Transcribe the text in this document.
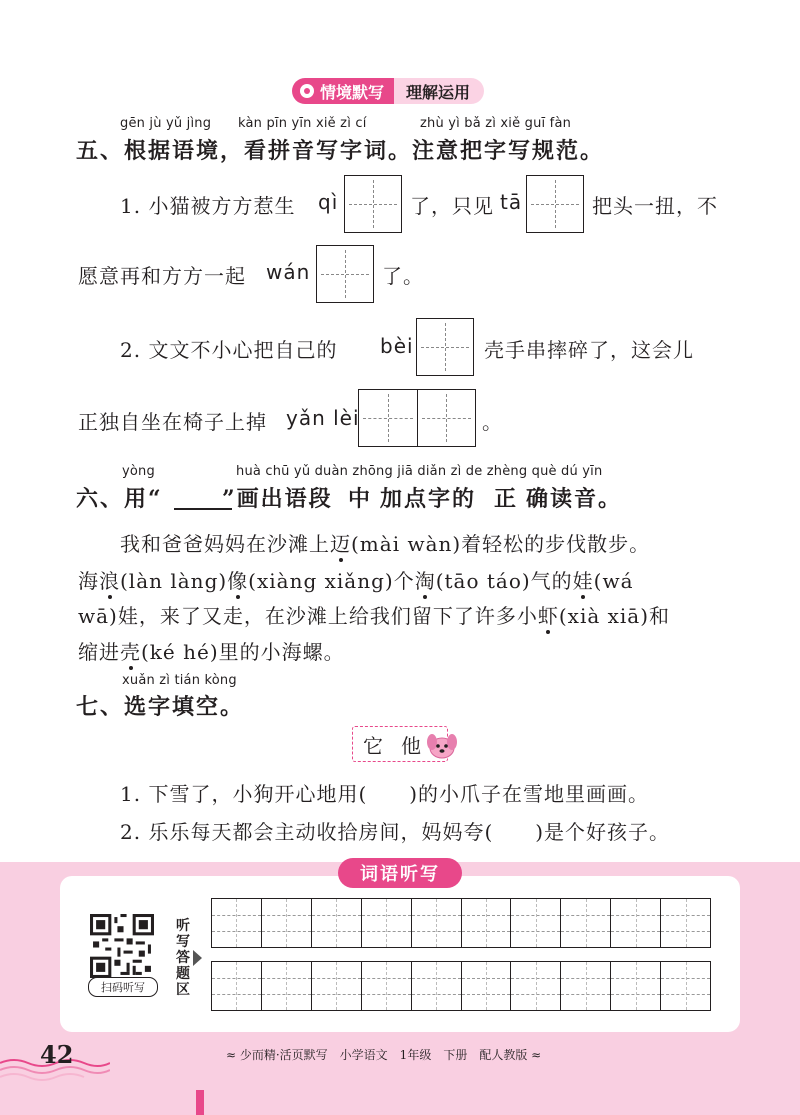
情境默写 理解运用
gēn jù yǔ jìng kàn pīn yīn xiě zì cí	zhù yì bǎ zì xiě guī fàn
五、根据语境，看拼音写字词。注意把字写规范。
1. 小猫被方方惹生 qì	了，只见 tā	把头一扭，不
愿意再和方方一起 wán	了。
2. 文文不小心把自己的 bèi	壳手串摔碎了，这会儿
正独自坐在椅子上掉 yǎn lèi	。
yòng	huà chū yǔ duàn zhōng jiā diǎn zì de zhèng què dú yīn
六、用“	”画出语段 中 加点字的 正 确读音。
我和爸爸妈妈在沙滩上迈(mài wàn)着轻松的步伐散步。
海浪(làn làng)像(xiàng xiǎng)个淘(tāo táo)气的娃(wá
wā)娃，来了又走，在沙滩上给我们留下了许多小虾(xià xiā)和
缩进壳(ké hé)里的小海螺。
xuǎn zì tián kòng
七、选字填空。
它 他
1. 下雪了，小狗开心地用(　　)的小爪子在雪地里画画。
2. 乐乐每天都会主动收拾房间，妈妈夸(　　)是个好孩子。
词语听写
扫码听写
听写答题区
42	≈ 少而精·活页默写　小学语文　1年级　下册　配人教版 ≈
